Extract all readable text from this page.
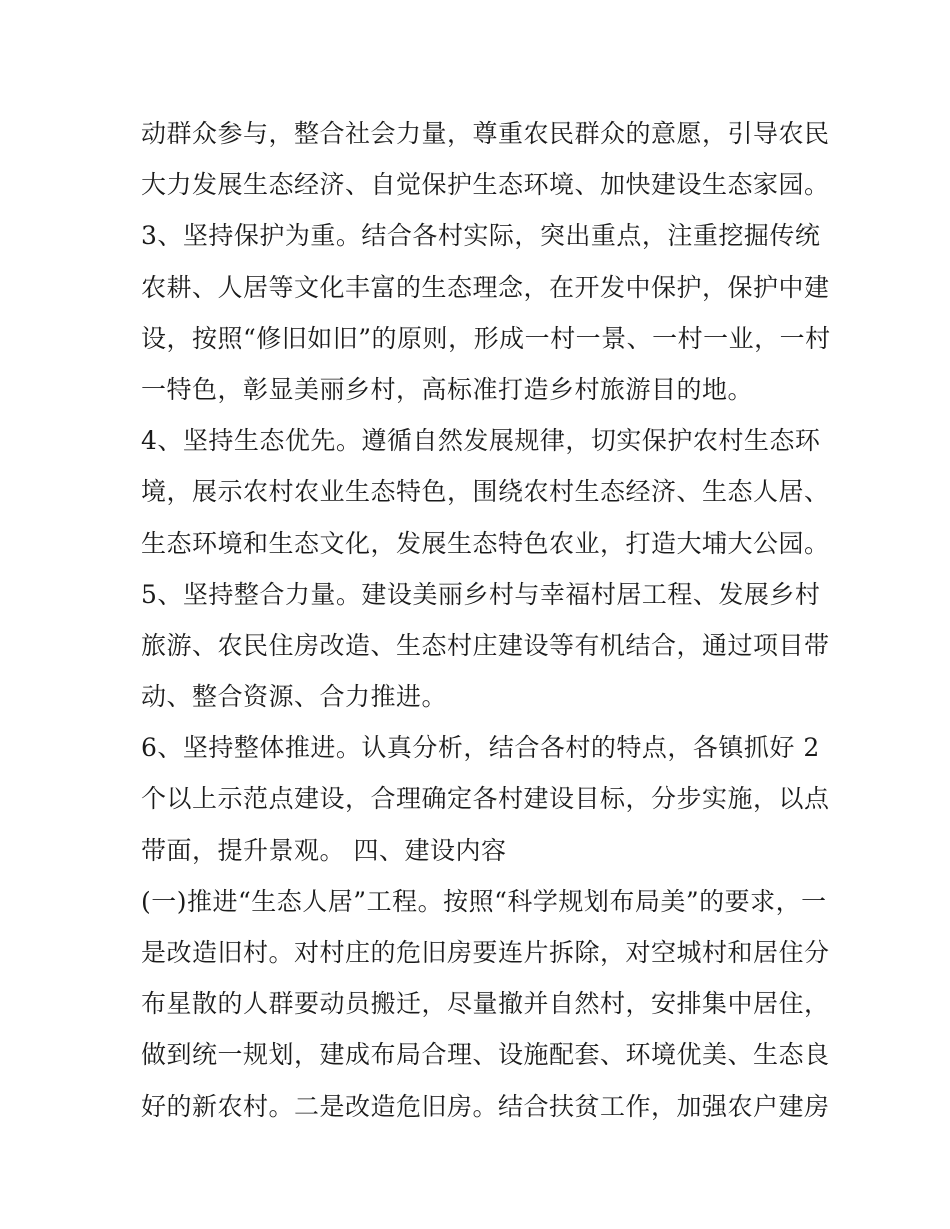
动群众参与，整合社会力量，尊重农民群众的意愿，引导农民
大力发展生态经济、自觉保护生态环境、加快建设生态家园。
3、坚持保护为重。结合各村实际，突出重点，注重挖掘传统
农耕、人居等文化丰富的生态理念，在开发中保护，保护中建
设，按照“修旧如旧”的原则，形成一村一景、一村一业，一村
一特色，彰显美丽乡村，高标准打造乡村旅游目的地。
4、坚持生态优先。遵循自然发展规律，切实保护农村生态环
境，展示农村农业生态特色，围绕农村生态经济、生态人居、
生态环境和生态文化，发展生态特色农业，打造大埔大公园。
5、坚持整合力量。建设美丽乡村与幸福村居工程、发展乡村
旅游、农民住房改造、生态村庄建设等有机结合，通过项目带
动、整合资源、合力推进。
6、坚持整体推进。认真分析，结合各村的特点，各镇抓好 2
个以上示范点建设，合理确定各村建设目标，分步实施，以点
带面，提升景观。 四、建设内容
(一)推进“生态人居”工程。按照“科学规划布局美”的要求，一
是改造旧村。对村庄的危旧房要连片拆除，对空城村和居住分
布星散的人群要动员搬迁，尽量撤并自然村，安排集中居住，
做到统一规划，建成布局合理、设施配套、环境优美、生态良
好的新农村。二是改造危旧房。结合扶贫工作，加强农户建房
